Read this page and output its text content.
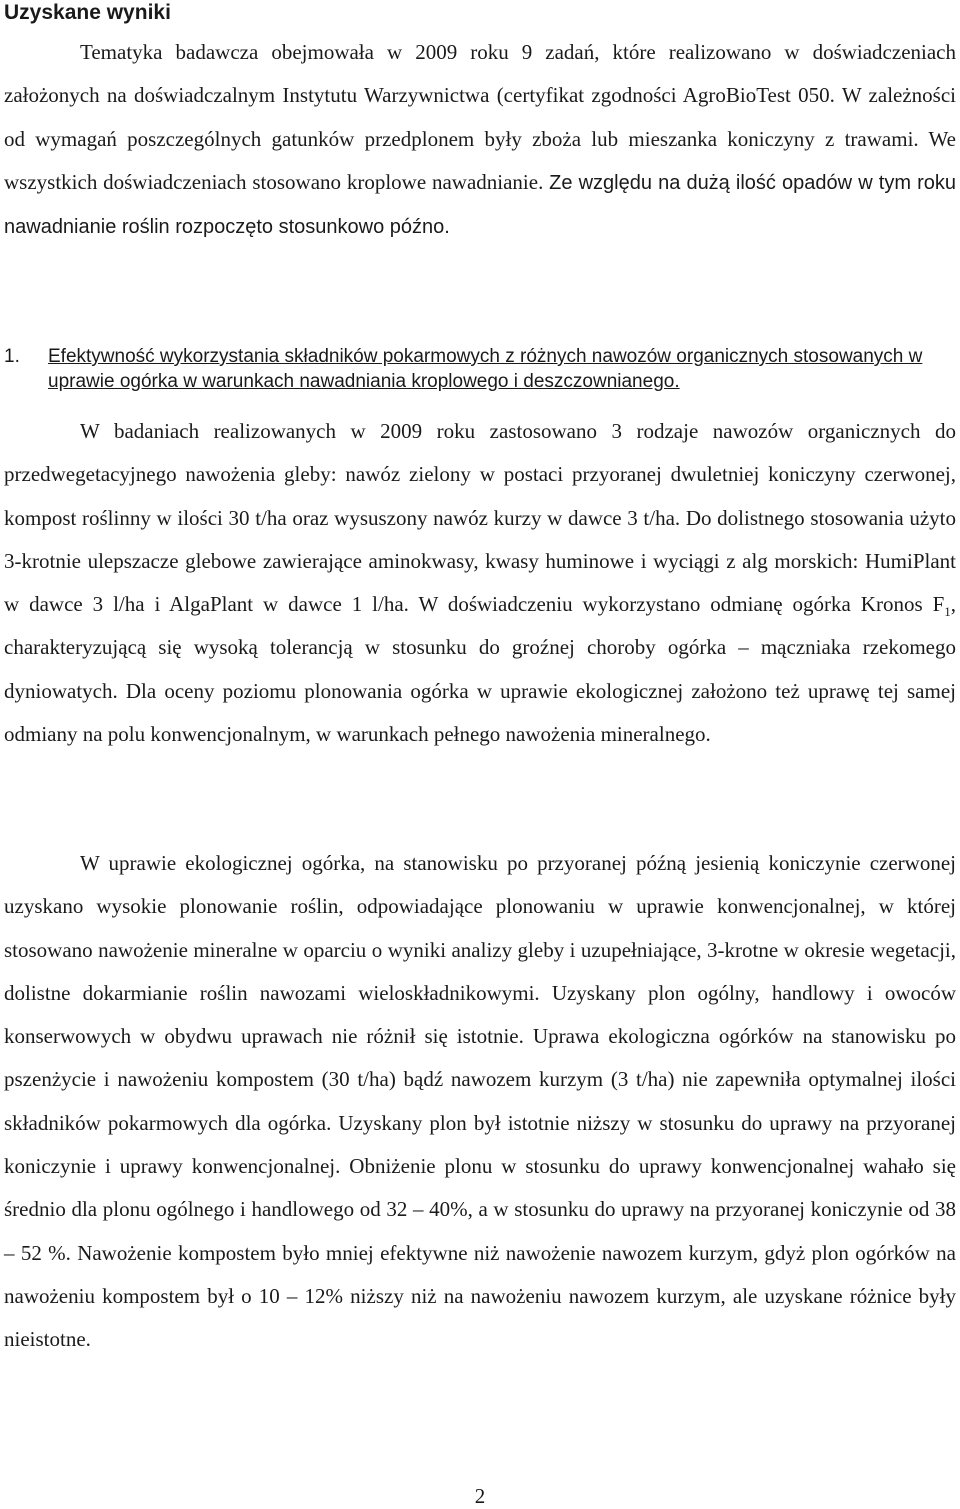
Uzyskane wyniki
Tematyka badawcza obejmowała w 2009 roku 9 zadań, które realizowano w doświadczeniach założonych na doświadczalnym Instytutu Warzywnictwa (certyfikat zgodności AgroBioTest 050. W zależności od wymagań poszczególnych gatunków przedplonem były zboża lub mieszanka koniczyny z trawami. We wszystkich doświadczeniach stosowano kroplowe nawadnianie. Ze względu na dużą ilość opadów w tym roku nawadnianie roślin rozpoczęto stosunkowo późno.
1. Efektywność wykorzystania składników pokarmowych z różnych nawozów organicznych stosowanych w uprawie ogórka w warunkach nawadniania kroplowego i deszczownianego.
W badaniach realizowanych w 2009 roku zastosowano 3 rodzaje nawozów organicznych do przedwegetacyjnego nawożenia gleby: nawóz zielony w postaci przyoranej dwuletniej koniczyny czerwonej, kompost roślinny w ilości 30 t/ha oraz wysuszony nawóz kurzy w dawce 3 t/ha. Do dolistnego stosowania użyto 3-krotnie ulepszacze glebowe zawierające aminokwasy, kwasy huminowe i wyciągi z alg morskich: HumiPlant w dawce 3 l/ha i AlgaPlant w dawce 1 l/ha. W doświadczeniu wykorzystano odmianę ogórka Kronos $F_1$, charakteryzującą się wysoką tolerancją w stosunku do groźnej choroby ogórka – mączniaka rzekomego dyniowatych. Dla oceny poziomu plonowania ogórka w uprawie ekologicznej założono też uprawę tej samej odmiany na polu konwencjonalnym, w warunkach pełnego nawożenia mineralnego.
W uprawie ekologicznej ogórka, na stanowisku po przyoranej późną jesienią koniczynie czerwonej uzyskano wysokie plonowanie roślin, odpowiadające plonowaniu w uprawie konwencjonalnej, w której stosowano nawożenie mineralne w oparciu o wyniki analizy gleby i uzupełniające, 3-krotne w okresie wegetacji, dolistne dokarmianie roślin nawozami wieloskładnikowymi. Uzyskany plon ogólny, handlowy i owoców konserwowych w obydwu uprawach nie różnił się istotnie. Uprawa ekologiczna ogórków na stanowisku po pszenżycie i nawożeniu kompostem (30 t/ha) bądź nawozem kurzym (3 t/ha) nie zapewniła optymalnej ilości składników pokarmowych dla ogórka. Uzyskany plon był istotnie niższy w stosunku do uprawy na przyoranej koniczynie i uprawy konwencjonalnej. Obniżenie plonu w stosunku do uprawy konwencjonalnej wahało się średnio dla plonu ogólnego i handlowego od 32 – 40%, a w stosunku do uprawy na przyoranej koniczynie od 38 – 52 %. Nawożenie kompostem było mniej efektywne niż nawożenie nawozem kurzym, gdyż plon ogórków na nawożeniu kompostem był o 10 – 12% niższy niż na nawożeniu nawozem kurzym, ale uzyskane różnice były nieistotne.
2
